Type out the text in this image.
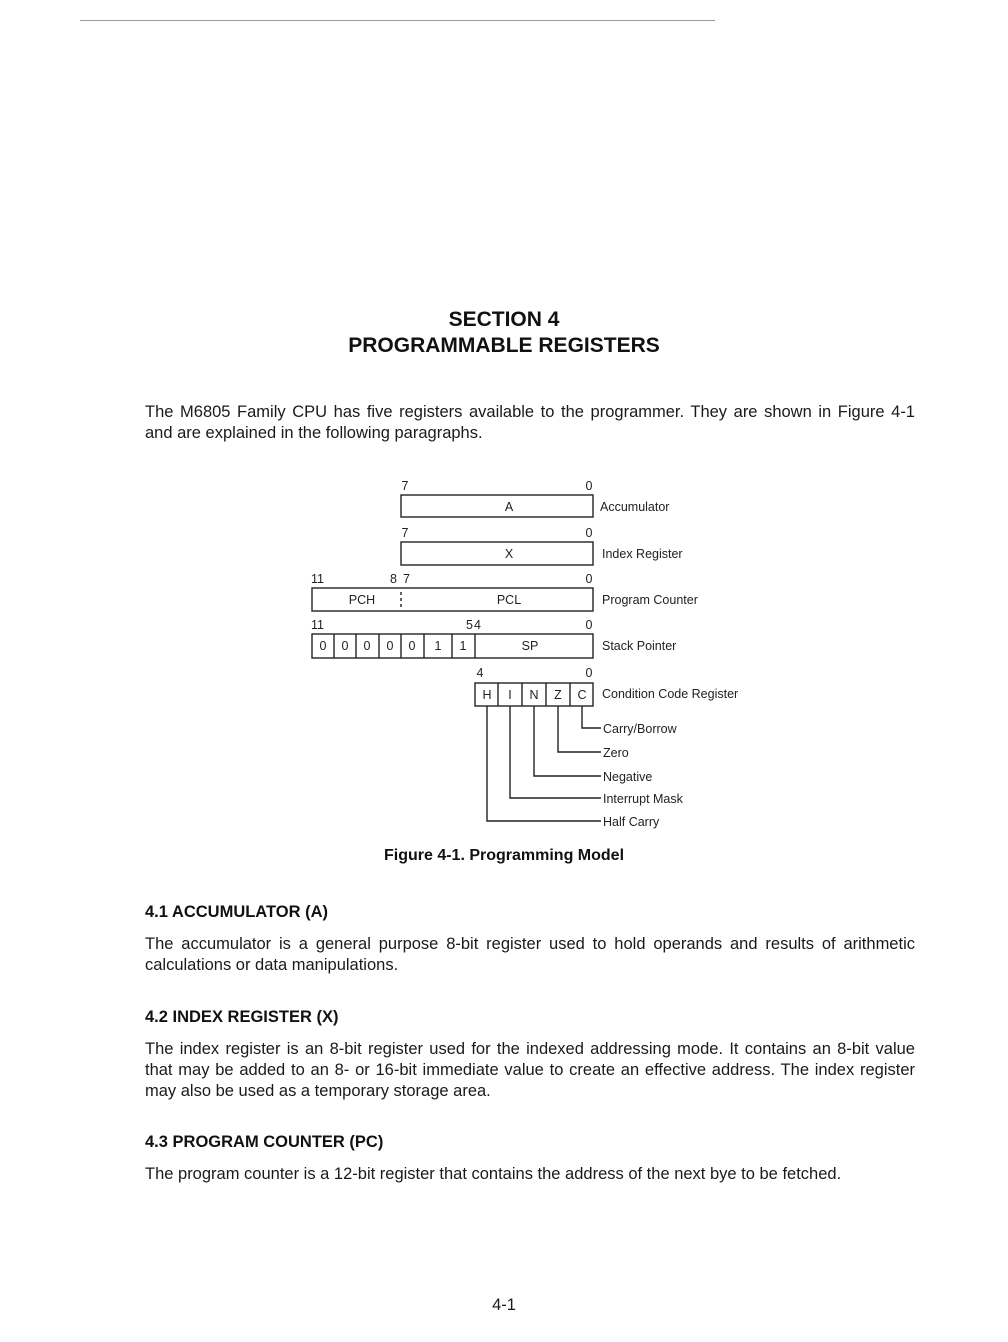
SECTION 4
PROGRAMMABLE REGISTERS

The M6805 Family CPU has five registers available to the programmer. They are shown in Figure 4-1 and are explained in the following paragraphs.

7	0
A	Accumulator
7	0
X	Index Register
11	8 7	0
PCH	PCL	Program Counter
11	5 4	0
0 0 0 0 0 1 1	SP	Stack Pointer
4	0
H I N Z C Condition Code Register
Carry/Borrow
Zero
Negative
Interrupt Mask
Half Carry
Figure 4-1. Programming Model
4.1 ACCUMULATOR (A)

The accumulator is a general purpose 8-bit register used to hold operands and results of arithmetic calculations or data manipulations.

4.2 INDEX REGISTER (X)

The index register is an 8-bit register used for the indexed addressing mode. It contains an 8-bit value that may be added to an 8- or 16-bit immediate value to create an effective address. The index register may also be used as a temporary storage area.

4.3 PROGRAM COUNTER (PC)

The program counter is a 12-bit register that contains the address of the next bye to be fetched.

4-1
